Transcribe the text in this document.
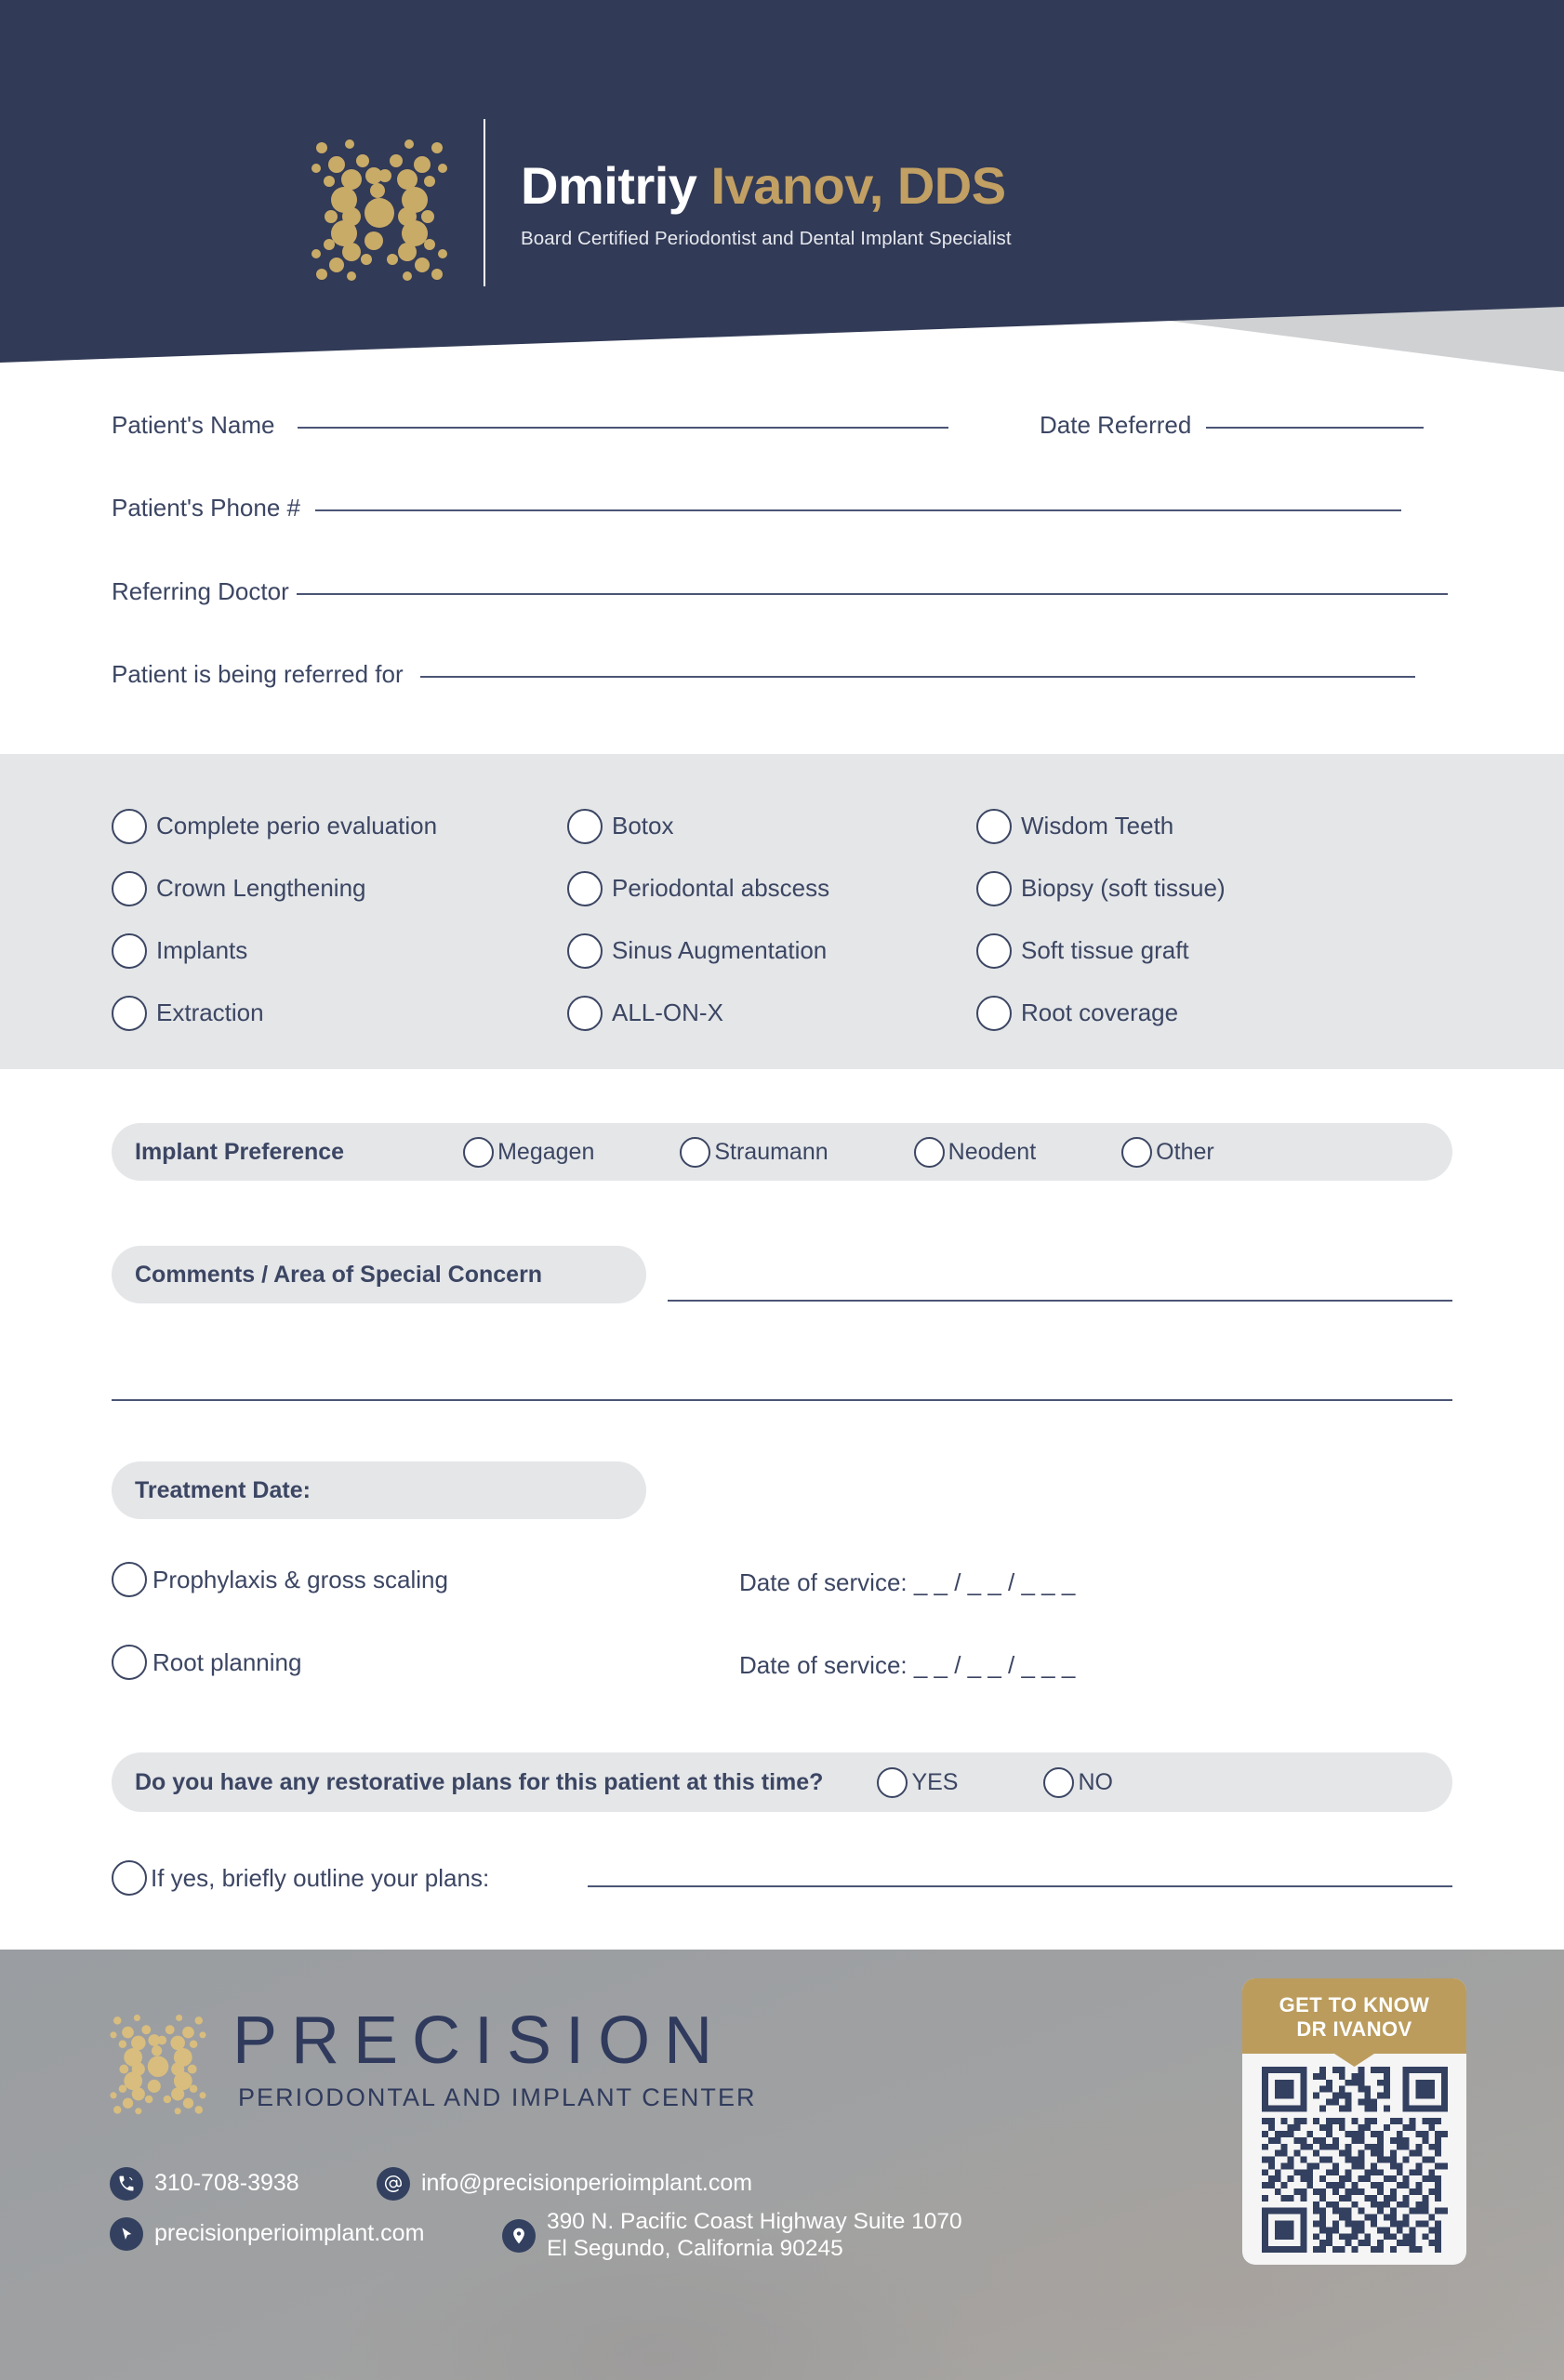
Dmitriy Ivanov, DDS
Board Certified Periodontist and Dental Implant Specialist
Patient's Name	Date Referred
Patient's Phone #
Referring Doctor
Patient is being referred for
Complete perio evaluation	Botox	Wisdom Teeth
Crown Lengthening	Periodontal abscess	Biopsy (soft tissue)
Implants	Sinus Augmentation	Soft tissue graft
Extraction	ALL-ON-X	Root coverage
Implant Preference	Megagen	Straumann	Neodent	Other
Comments / Area of Special Concern
Treatment Date:
Prophylaxis & gross scaling	Date of service: _ _ / _ _ / _ _ _
Root planning	Date of service: _ _ / _ _ / _ _ _
Do you have any restorative plans for this patient at this time?	YES	NO
If yes, briefly outline your plans:
PRECISION
PERIODONTAL AND IMPLANT CENTER
310-708-3938	info@precisionperioimplant.com
precisionperioimplant.com	390 N. Pacific Coast Highway Suite 1070
El Segundo, California 90245
GET TO KNOW
DR IVANOV
